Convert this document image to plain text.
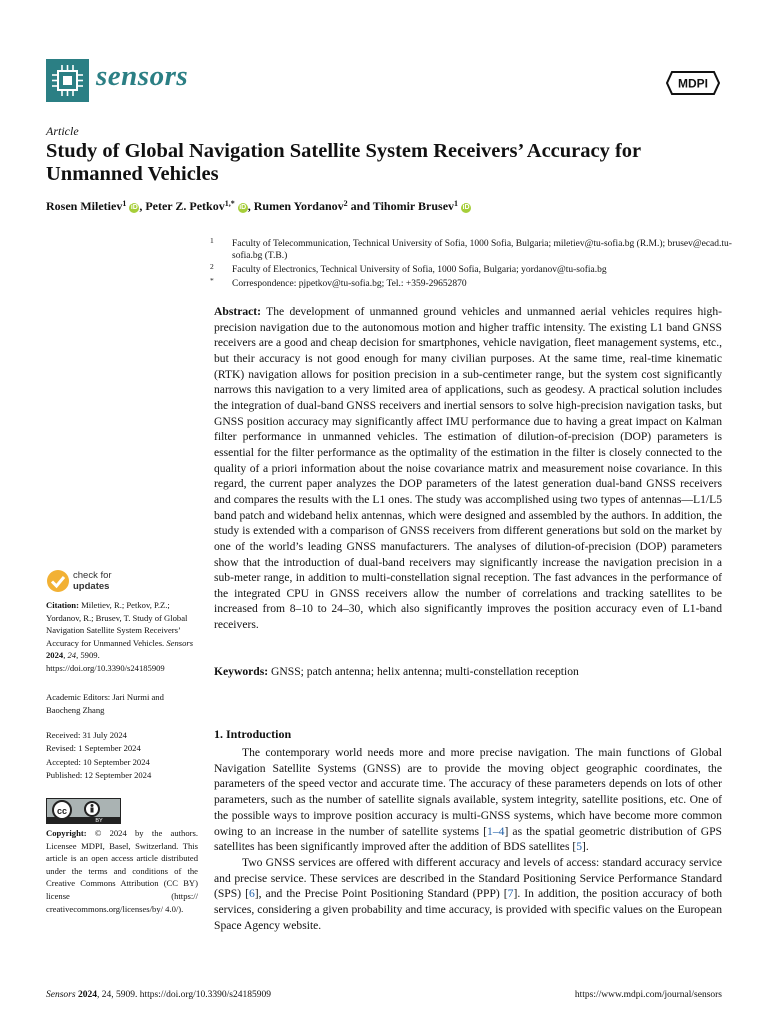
sensors	MDPI
Article
Study of Global Navigation Satellite System Receivers’ Accuracy for Unmanned Vehicles
Rosen Miletiev$^1$ iD , Peter Z. Petkov$^{1,*}$ iD , Rumen Yordanov$^2$ and Tihomir Brusev$^1$ iD
1	Faculty of Telecommunication, Technical University of Sofia, 1000 Sofia, Bulgaria; miletiev@tu-sofia.bg (R.M.); brusev@ecad.tu-sofia.bg (T.B.)
2	Faculty of Electronics, Technical University of Sofia, 1000 Sofia, Bulgaria; yordanov@tu-sofia.bg
*	Correspondence: pjpetkov@tu-sofia.bg; Tel.: +359-29652870
Abstract: The development of unmanned ground vehicles and unmanned aerial vehicles requires high-precision navigation due to the autonomous motion and higher traffic intensity. The existing L1 band GNSS receivers are a good and cheap decision for smartphones, vehicle navigation, fleet management systems, etc., but their accuracy is not good enough for many civilian purposes. At the same time, real-time kinematic (RTK) navigation allows for position precision in a sub-centimeter range, but the system cost significantly narrows this navigation to a very limited area of applications, such as geodesy. A practical solution includes the integration of dual-band GNSS receivers and inertial sensors to solve high-precision navigation tasks, but GNSS position accuracy may significantly affect IMU performance due to having a great impact on Kalman filter performance in unmanned vehicles. The estimation of dilution-of-precision (DOP) parameters is essential for the filter performance as the optimality of the estimation in the filter is closely connected to the quality of a priori information about the noise covariance matrix and measurement noise covariance. In this regard, the current paper analyzes the DOP parameters of the latest generation dual-band GNSS receivers and compares the results with the L1 ones. The study was accomplished using two types of antennas—L1/L5 band patch and wideband helix antennas, which were designed and assembled by the authors. In addition, the study is extended with a comparison of GNSS receivers from different generations but sold on the market by one of the world’s leading GNSS manufacturers. The analyses of dilution-of-precision (DOP) parameters show that the introduction of dual-band receivers may significantly increase the navigation precision in a sub-meter range, in addition to multi-constellation signal reception. The fast advances in the performance of the integrated CPU in GNSS receivers allow the number of correlations and tracking satellites to be increased from 8–10 to 24–30, which also significantly improves the position accuracy even of L1-band receivers.
Keywords: GNSS; patch antenna; helix antenna; multi-constellation reception
check for
updates
Citation: Miletiev, R.; Petkov, P.Z.; Yordanov, R.; Brusev, T. Study of Global Navigation Satellite System Receivers’ Accuracy for Unmanned Vehicles. Sensors 2024, 24, 5909. https://doi.org/10.3390/s24185909
Academic Editors: Jari Nurmi and Baocheng Zhang
Received: 31 July 2024
Revised: 1 September 2024
Accepted: 10 September 2024
Published: 12 September 2024
cc
BY
Copyright: © 2024 by the authors. Licensee MDPI, Basel, Switzerland. This article is an open access article distributed under the terms and conditions of the Creative Commons Attribution (CC BY) license (https:// creativecommons.org/licenses/by/ 4.0/).
1. Introduction

The contemporary world needs more and more precise navigation. The main functions of Global Navigation Satellite Systems (GNSS) are to provide the moving object geographic coordinates, the parameters of the speed vector and accurate time. The accuracy of these parameters depends on lots of other parameters, such as the number of satellite signals available, system integrity, satellite positions, etc. One of the possible ways to improve position accuracy is multi-GNSS systems, which have become more common owing to an increase in the number of satellite systems [1–4] as the spatial geometric distribution of GPS satellites has been significantly improved after the addition of BDS satellites [5].

Two GNSS services are offered with different accuracy and levels of access: standard accuracy service and precise service. These services are described in the Standard Positioning Service Performance Standard (SPS) [6], and the Precise Point Positioning Standard (PPP) [7]. In addition, the position accuracy of both services, considering a given probability and time accuracy, is provided with specific values on the European Space Agency website.

Sensors 2024, 24, 5909. https://doi.org/10.3390/s24185909	https://www.mdpi.com/journal/sensors
